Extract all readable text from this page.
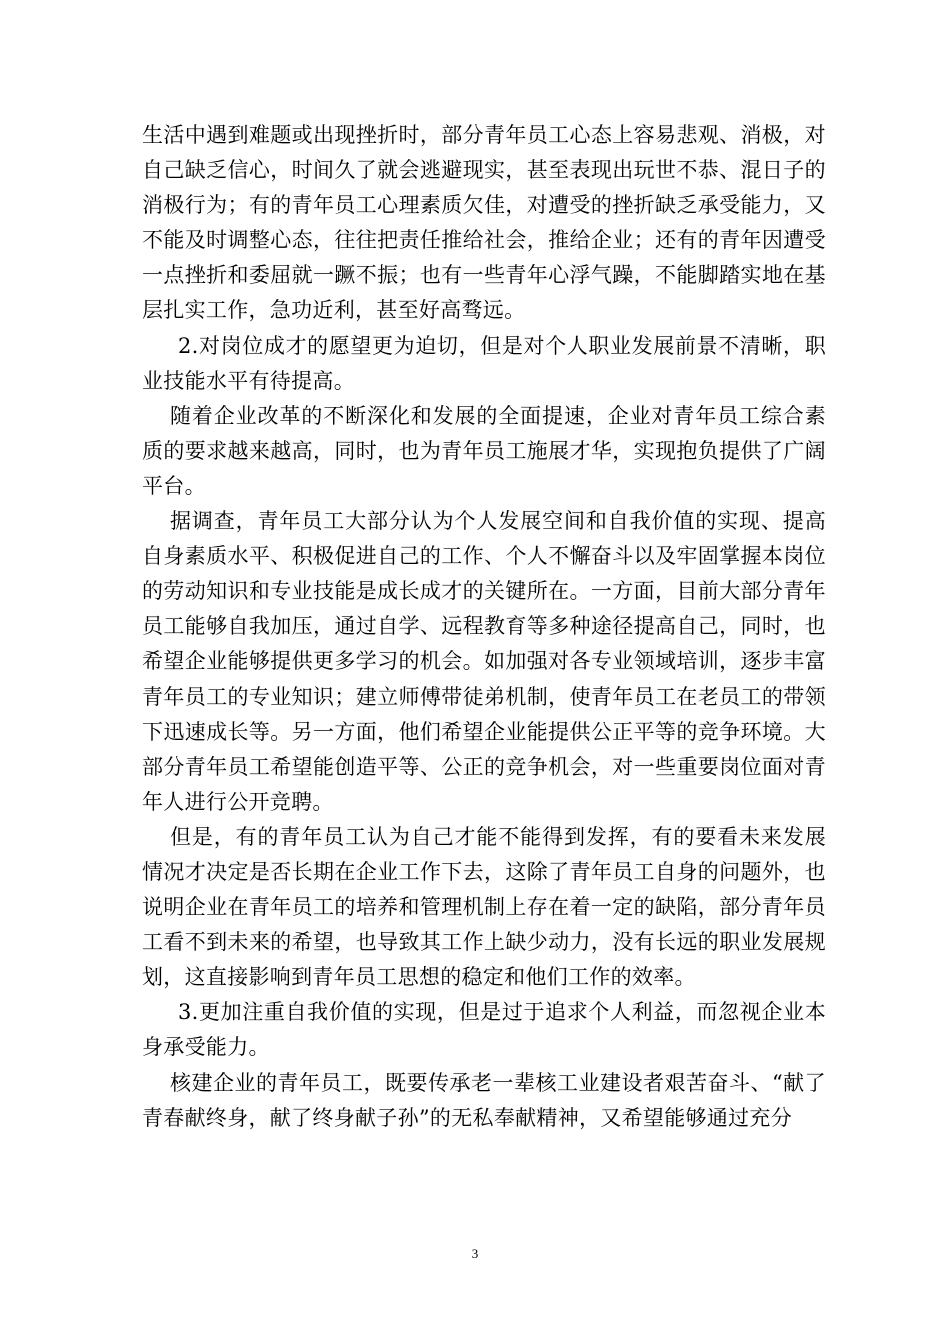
生活中遇到难题或出现挫折时，部分青年员工心态上容易悲观、消极，对自己缺乏信心，时间久了就会逃避现实，甚至表现出玩世不恭、混日子的消极行为；有的青年员工心理素质欠佳，对遭受的挫折缺乏承受能力，又不能及时调整心态，往往把责任推给社会，推给企业；还有的青年因遭受一点挫折和委屈就一蹶不振；也有一些青年心浮气躁，不能脚踏实地在基层扎实工作，急功近利，甚至好高骛远。

2.对岗位成才的愿望更为迫切，但是对个人职业发展前景不清晰，职业技能水平有待提高。

随着企业改革的不断深化和发展的全面提速，企业对青年员工综合素质的要求越来越高，同时，也为青年员工施展才华，实现抱负提供了广阔平台。

据调查，青年员工大部分认为个人发展空间和自我价值的实现、提高自身素质水平、积极促进自己的工作、个人不懈奋斗以及牢固掌握本岗位的劳动知识和专业技能是成长成才的关键所在。一方面，目前大部分青年员工能够自我加压，通过自学、远程教育等多种途径提高自己，同时，也希望企业能够提供更多学习的机会。如加强对各专业领域培训，逐步丰富青年员工的专业知识；建立师傅带徒弟机制，使青年员工在老员工的带领下迅速成长等。另一方面，他们希望企业能提供公正平等的竞争环境。大部分青年员工希望能创造平等、公正的竞争机会，对一些重要岗位面对青年人进行公开竞聘。

但是，有的青年员工认为自己才能不能得到发挥，有的要看未来发展情况才决定是否长期在企业工作下去，这除了青年员工自身的问题外，也说明企业在青年员工的培养和管理机制上存在着一定的缺陷，部分青年员工看不到未来的希望，也导致其工作上缺少动力，没有长远的职业发展规划，这直接影响到青年员工思想的稳定和他们工作的效率。

3.更加注重自我价值的实现，但是过于追求个人利益，而忽视企业本身承受能力。

核建企业的青年员工，既要传承老一辈核工业建设者艰苦奋斗、“献了青春献终身，献了终身献子孙”的无私奉献精神，又希望能够通过充分

3
